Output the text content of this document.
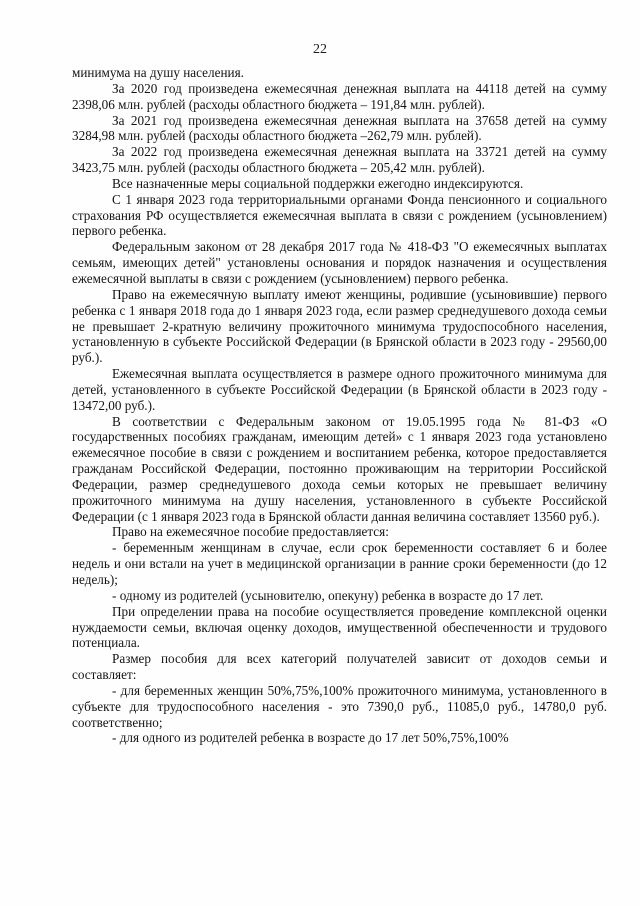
22

минимума на душу населения.

За 2020 год произведена ежемесячная денежная выплата на 44118 детей на сумму 2398,06 млн. рублей (расходы областного бюджета – 191,84 млн. рублей).

За 2021 год произведена ежемесячная денежная выплата на 37658 детей на сумму 3284,98 млн. рублей (расходы областного бюджета –262,79 млн. рублей).

За 2022 год произведена ежемесячная денежная выплата на 33721 детей на сумму 3423,75 млн. рублей (расходы областного бюджета – 205,42 млн. рублей).

Все назначенные меры социальной поддержки ежегодно индексируются.

С 1 января 2023 года территориальными органами Фонда пенсионного и социального страхования РФ осуществляется ежемесячная выплата в связи с рождением (усыновлением) первого ребенка.

Федеральным законом от 28 декабря 2017 года № 418-ФЗ "О ежемесячных выплатах семьям, имеющих детей" установлены основания и порядок назначения и осуществления ежемесячной выплаты в связи с рождением (усыновлением) первого ребенка.

Право на ежемесячную выплату имеют женщины, родившие (усыновившие) первого ребенка с 1 января 2018 года до 1 января 2023 года, если размер среднедушевого дохода семьи не превышает 2-кратную величину прожиточного минимума трудоспособного населения, установленную в субъекте Российской Федерации (в Брянской области в 2023 году - 29560,00 руб.).

Ежемесячная выплата осуществляется в размере одного прожиточного минимума для детей, установленного в субъекте Российской Федерации (в Брянской области в 2023 году - 13472,00 руб.).

В соответствии с Федеральным законом от 19.05.1995 года № 81-ФЗ «О государственных пособиях гражданам, имеющим детей» с 1 января 2023 года установлено ежемесячное пособие в связи с рождением и воспитанием ребенка, которое предоставляется гражданам Российской Федерации, постоянно проживающим на территории Российской Федерации, размер среднедушевого дохода семьи которых не превышает величину прожиточного минимума на душу населения, установленного в субъекте Российской Федерации (с 1 января 2023 года в Брянской области данная величина составляет 13560 руб.).

Право на ежемесячное пособие предоставляется:

- беременным женщинам в случае, если срок беременности составляет 6 и более недель и они встали на учет в медицинской организации в ранние сроки беременности (до 12 недель);

- одному из родителей (усыновителю, опекуну) ребенка в возрасте до 17 лет.

При определении права на пособие осуществляется проведение комплексной оценки нуждаемости семьи, включая оценку доходов, имущественной обеспеченности и трудового потенциала.

Размер пособия для всех категорий получателей зависит от доходов семьи и составляет:

- для беременных женщин 50%,75%,100% прожиточного минимума, установленного в субъекте для трудоспособного населения - это 7390,0 руб., 11085,0 руб., 14780,0 руб. соответственно;

- для одного из родителей ребенка в возрасте до 17 лет 50%,75%,100%
